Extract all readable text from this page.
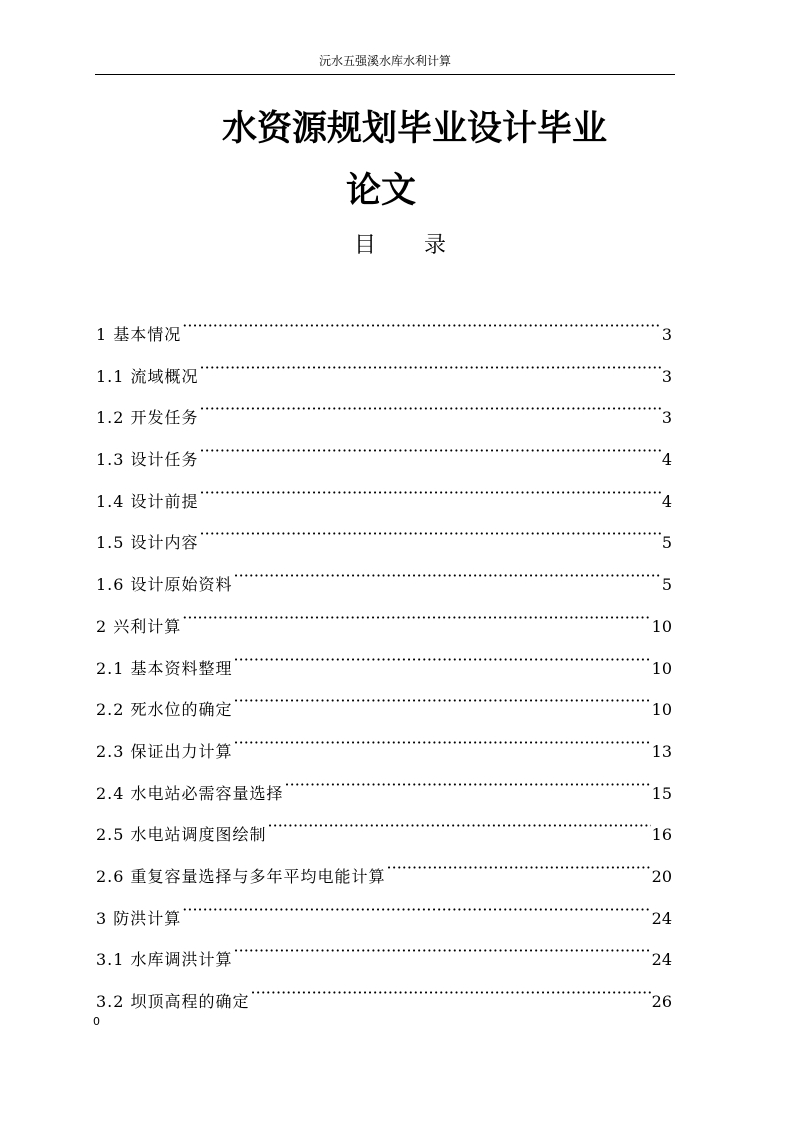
沅水五强溪水库水利计算
水资源规划毕业设计毕业
论文
目录
1 基本情况 ·····	3
1.1 流域概况 ·····	3
1.2 开发任务 ·····	3
1.3 设计任务 ·····	4
1.4 设计前提 ·····	4
1.5 设计内容 ·····	5
1.6 设计原始资料 ·····	5
2 兴利计算 ·····	10
2.1 基本资料整理 ·····	10
2.2 死水位的确定 ·····	10
2.3 保证出力计算 ·····	13
2.4 水电站必需容量选择 ·····	15
2.5 水电站调度图绘制 ·····	16
2.6 重复容量选择与多年平均电能计算 ·····	20
3 防洪计算 ·····	24
3.1 水库调洪计算 ·····	24
3.2 坝顶高程的确定 ·····	26
0
